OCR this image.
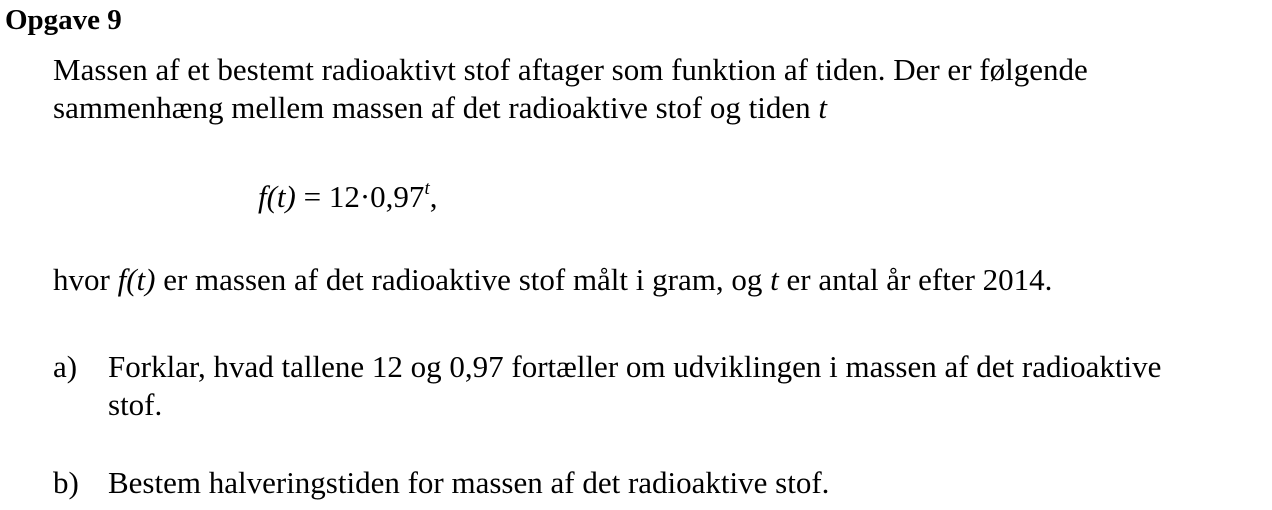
Opgave 9
Massen af et bestemt radioaktivt stof aftager som funktion af tiden. Der er følgende
sammenhæng mellem massen af det radioaktive stof og tiden t
$f(t) = 12\cdot 0,97^t$,
hvor f(t) er massen af det radioaktive stof målt i gram, og t er antal år efter 2014.
a) Forklar, hvad tallene 12 og 0,97 fortæller om udviklingen i massen af det radioaktive
stof.
b) Bestem halveringstiden for massen af det radioaktive stof.
